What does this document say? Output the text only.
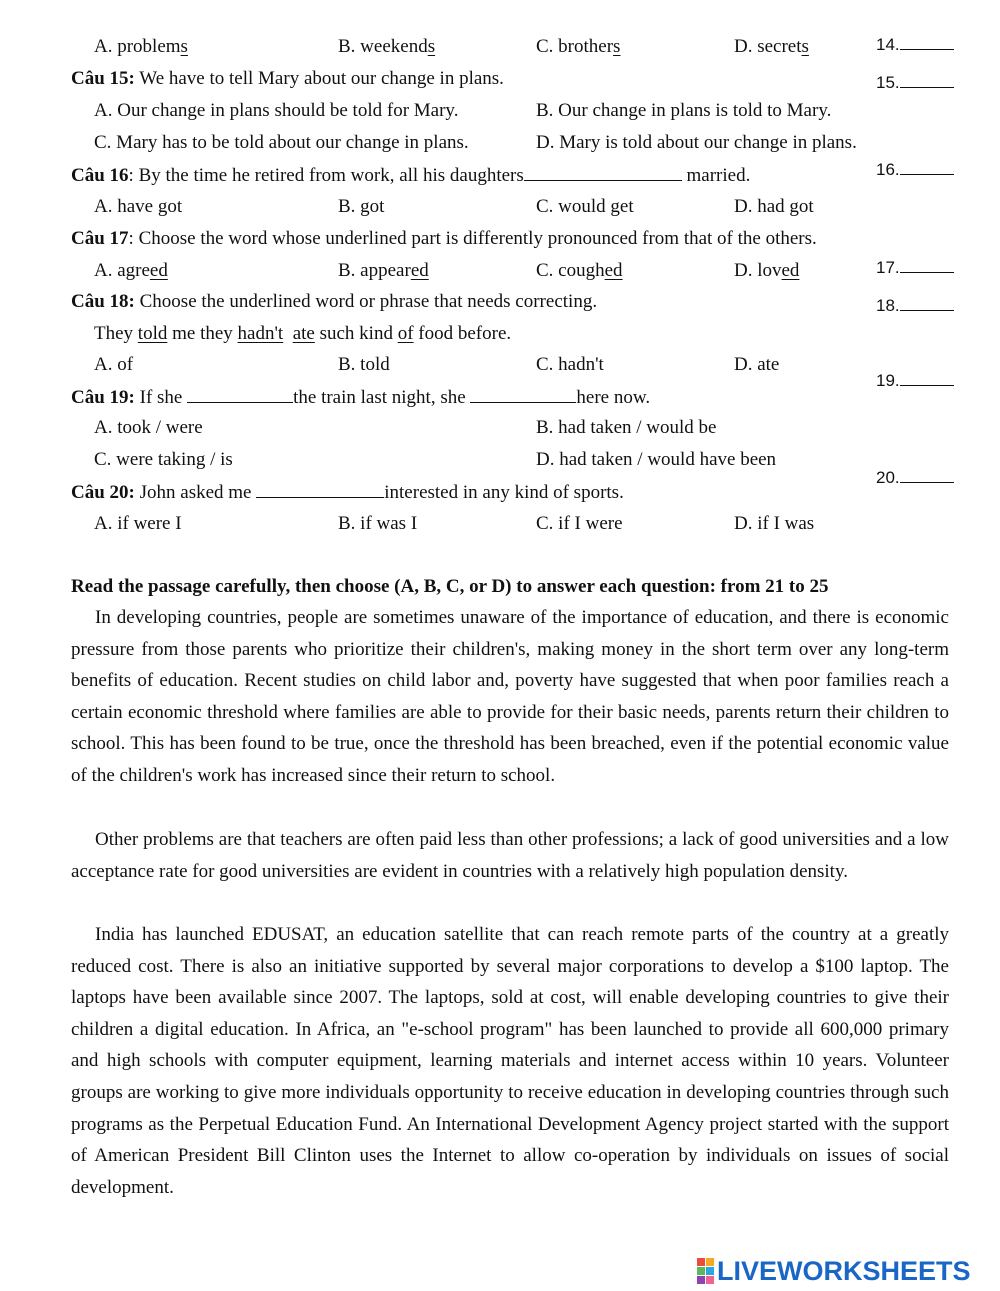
A. problems	B. weekends	C. brothers	D. secrets	14.
Câu 15: We have to tell Mary about our change in plans.	15.
A. Our change in plans should be told for Mary.	B. Our change in plans is told to Mary.
C. Mary has to be told about our change in plans.	D. Mary is told about our change in plans.
Câu 16: By the time he retired from work, all his daughters	married.	16.
A. have got	B. got	C. would get	D. had got
Câu 17: Choose the word whose underlined part is differently pronounced from that of the others.
A. agreed	B. appeared	C. coughed	D. loved	17.
Câu 18: Choose the underlined word or phrase that needs correcting.	18.
They told me they hadn't ate such kind of food before.
A. of	B. told	C. hadn't	D. ate
Câu 19: If she	the train last night, she	here now.
19.
A. took / were	B. had taken / would be
C. were taking / is	D. had taken / would have been
Câu 20: John asked me	interested in any kind of sports.
20.
A. if were I	B. if was I	C. if I were	D. if I was
Read the passage carefully, then choose (A, B, C, or D) to answer each question: from 21 to 25
In developing countries, people are sometimes unaware of the importance of education, and there is economic pressure from those parents who prioritize their children's, making money in the short term over any long-term benefits of education. Recent studies on child labor and, poverty have suggested that when poor families reach a certain economic threshold where families are able to provide for their basic needs, parents return their children to school. This has been found to be true, once the threshold has been breached, even if the potential economic value of the children's work has increased since their return to school.
Other problems are that teachers are often paid less than other professions; a lack of good universities and a low acceptance rate for good universities are evident in countries with a relatively high population density.
India has launched EDUSAT, an education satellite that can reach remote parts of the country at a greatly reduced cost. There is also an initiative supported by several major corporations to develop a $100 laptop. The laptops have been available since 2007. The laptops, sold at cost, will enable developing countries to give their children a digital education. In Africa, an "e-school program" has been launched to provide all 600,000 primary and high schools with computer equipment, learning materials and internet access within 10 years. Volunteer groups are working to give more individuals opportunity to receive education in developing countries through such programs as the Perpetual Education Fund. An International Development Agency project started with the support of American President Bill Clinton uses the Internet to allow co-operation by individuals on issues of social development.
LIVEWORKSHEETS
